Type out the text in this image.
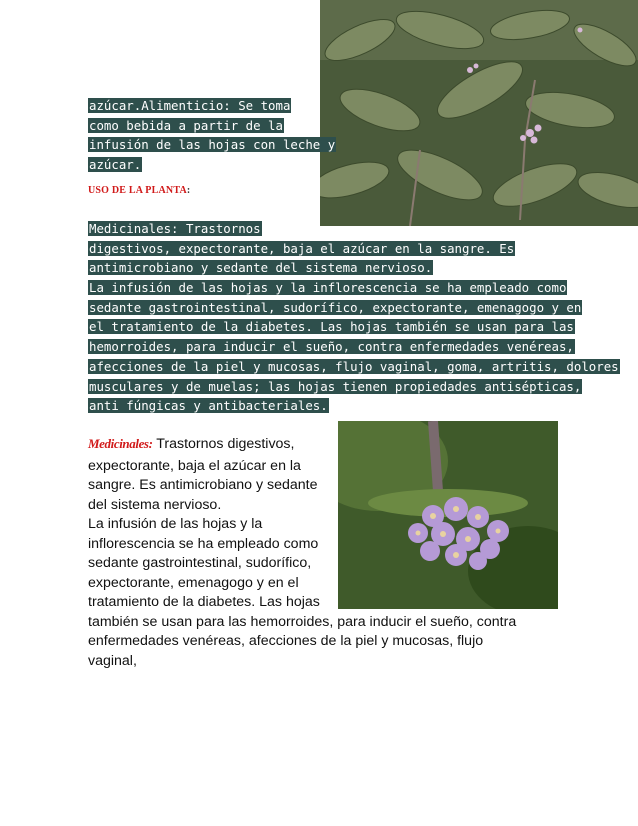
azúcar.Alimenticio: Se toma
como bebida a partir de la
infusión de las hojas con leche y
azúcar.
USO DE LA PLANTA:
Medicinales: Trastornos
digestivos, expectorante, baja el azúcar en la sangre. Es
antimicrobiano y sedante del sistema nervioso.
La infusión de las hojas y la inflorescencia se ha empleado como
sedante gastrointestinal, sudorífico, expectorante, emenagogo y en
el tratamiento de la diabetes. Las hojas también se usan para las
hemorroides, para inducir el sueño, contra enfermedades venéreas,
afecciones de la piel y mucosas, flujo vaginal, goma, artritis, dolores
musculares y de muelas; las hojas tienen propiedades antisépticas,
anti fúngicas y antibacteriales.
Medicinales: Trastornos digestivos,
expectorante, baja el azúcar en la
sangre. Es antimicrobiano y sedante
del sistema nervioso.
La infusión de las hojas y la
inflorescencia se ha empleado como
sedante gastrointestinal, sudorífico,
expectorante, emenagogo y en el
tratamiento de la diabetes. Las hojas
también se usan para las hemorroides, para inducir el sueño, contra
enfermedades venéreas, afecciones de la piel y mucosas, flujo
vaginal,
